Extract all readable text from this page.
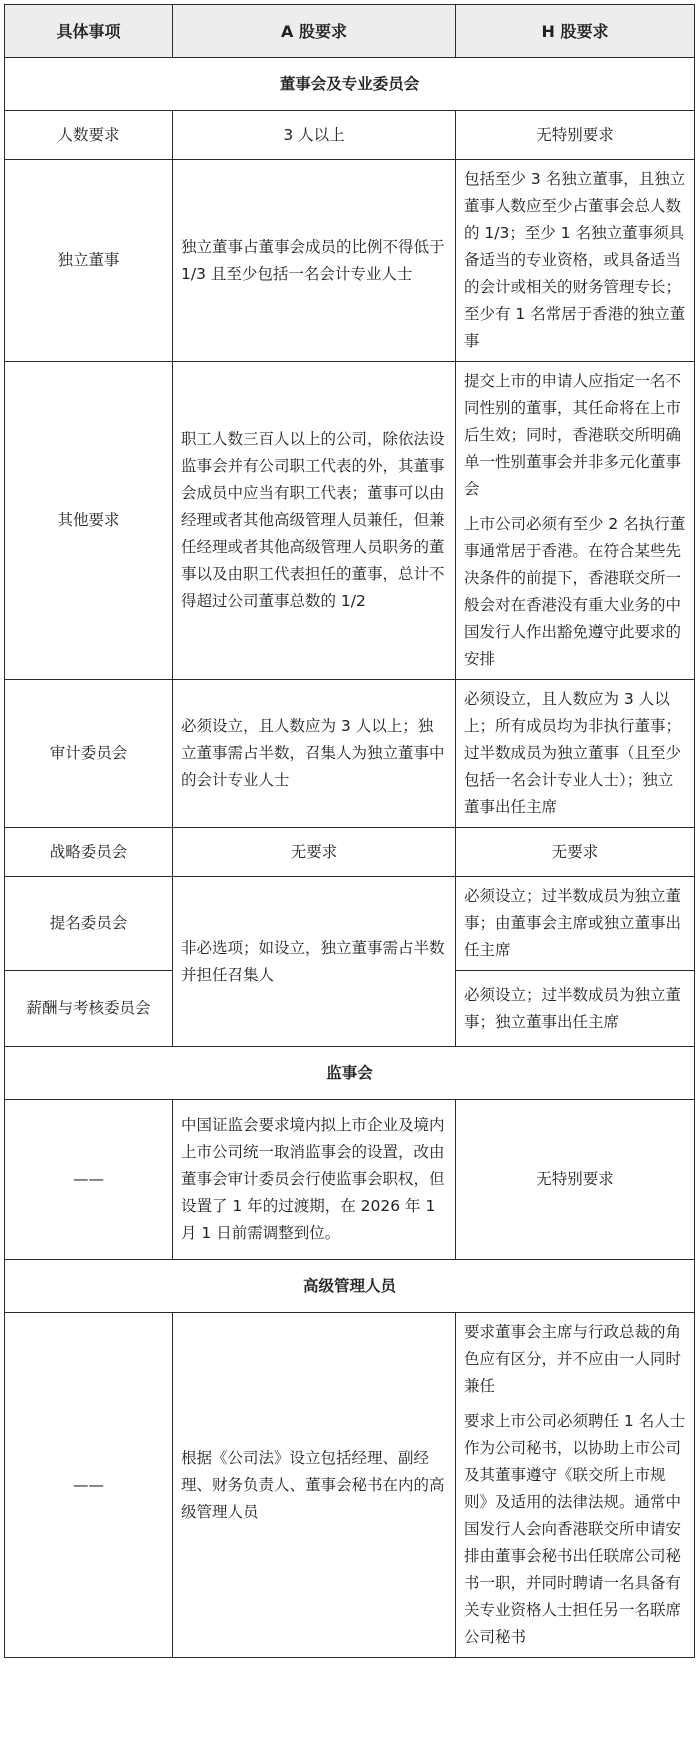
具体事项	A 股要求	H 股要求
董事会及专业委员会		
人数要求	3 人以上	无特别要求
独立董事	独立董事占董事会成员的比例不得低于 1/3 且至少包括一名会计专业人士	包括至少 3 名独立董事，且独立董事人数应至少占董事会总人数的 1/3；至少 1 名独立董事须具备适当的专业资格，或具备适当的会计或相关的财务管理专长；至少有 1 名常居于香港的独立董事
其他要求	职工人数三百人以上的公司，除依法设监事会并有公司职工代表的外，其董事会成员中应当有职工代表；董事可以由经理或者其他高级管理人员兼任，但兼任经理或者其他高级管理人员职务的董事以及由职工代表担任的董事，总计不得超过公司董事总数的 1/2	提交上市的申请人应指定一名不同性别的董事，其任命将在上市后生效；同时，香港联交所明确单一性别董事会并非多元化董事会

上市公司必须有至少 2 名执行董事通常居于香港。在符合某些先决条件的前提下，香港联交所一般会对在香港没有重大业务的中国发行人作出豁免遵守此要求的安排

审计委员会	必须设立，且人数应为 3 人以上；独立董事需占半数，召集人为独立董事中的会计专业人士	必须设立，且人数应为 3 人以上；所有成员均为非执行董事；过半数成员为独立董事（且至少包括一名会计专业人士）；独立董事出任主席
战略委员会	无要求	无要求
提名委员会	非必选项；如设立，独立董事需占半数并担任召集人	必须设立；过半数成员为独立董事；由董事会主席或独立董事出任主席
薪酬与考核委员会		必须设立；过半数成员为独立董事；独立董事出任主席
监事会		
——	中国证监会要求境内拟上市企业及境内上市公司统一取消监事会的设置，改由董事会审计委员会行使监事会职权，但设置了 1 年的过渡期，在 2026 年 1 月 1 日前需调整到位。	无特别要求
高级管理人员		
——	根据《公司法》设立包括经理、副经理、财务负责人、董事会秘书在内的高级管理人员	要求董事会主席与行政总裁的角色应有区分，并不应由一人同时兼任

要求上市公司必须聘任 1 名人士作为公司秘书，以协助上市公司及其董事遵守《联交所上市规则》及适用的法律法规。通常中国发行人会向香港联交所申请安排由董事会秘书出任联席公司秘书一职，并同时聘请一名具备有关专业资格人士担任另一名联席公司秘书
